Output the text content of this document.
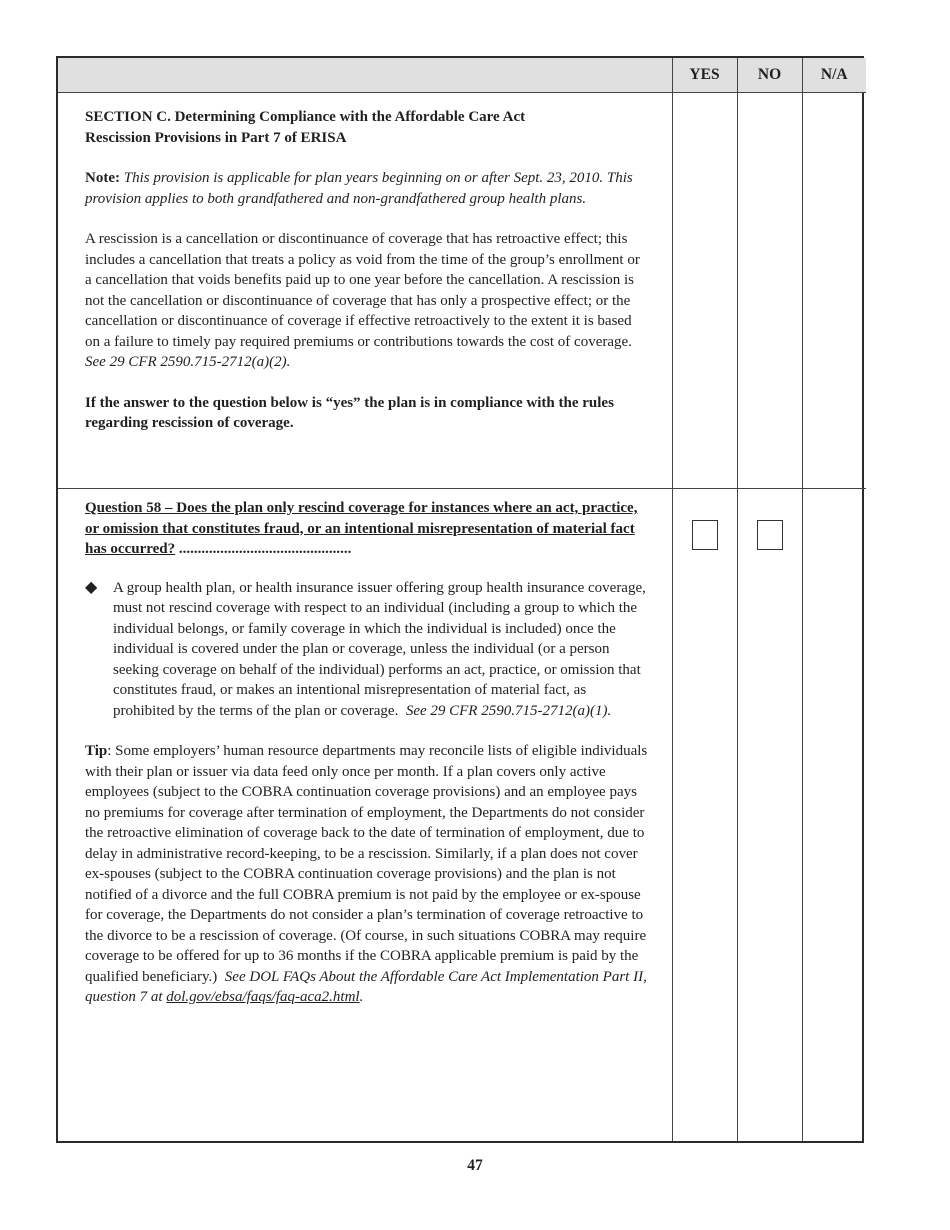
	YES	NO	N/A

SECTION C. Determining Compliance with the Affordable Care Act
Rescission Provisions in Part 7 of ERISA

Note: This provision is applicable for plan years beginning on or after Sept. 23, 2010. This provision applies to both grandfathered and non-grandfathered group health plans.

A rescission is a cancellation or discontinuance of coverage that has retroactive effect; this includes a cancellation that treats a policy as void from the time of the group’s enrollment or a cancellation that voids benefits paid up to one year before the cancellation. A rescission is not the cancellation or discontinuance of coverage that has only a prospective effect; or the cancellation or discontinuance of coverage if effective retroactively to the extent it is based on a failure to timely pay required premiums or contributions towards the cost of coverage.  See 29 CFR 2590.715-2712(a)(2).

If the answer to the question below is “yes” the plan is in compliance with the rules regarding rescission of coverage.			

Question 58 – Does the plan only rescind coverage for instances where an act, practice, or omission that constitutes fraud, or an intentional misrepresentation of material fact has occurred? ..............................................

◆ A group health plan, or health insurance issuer offering group health insurance coverage, must not rescind coverage with respect to an individual (including a group to which the individual belongs, or family coverage in which the individual is included) once the individual is covered under the plan or coverage, unless the individual (or a person seeking coverage on behalf of the individual) performs an act, practice, or omission that constitutes fraud, or makes an intentional misrepresentation of material fact, as prohibited by the terms of the plan or coverage. See 29 CFR 2590.715-2712(a)(1).

Tip: Some employers’ human resource departments may reconcile lists of eligible individuals with their plan or issuer via data feed only once per month. If a plan covers only active employees (subject to the COBRA continuation coverage provisions) and an employee pays no premiums for coverage after termination of employment, the Departments do not consider the retroactive elimination of coverage back to the date of termination of employment, due to delay in administrative record-keeping, to be a rescission. Similarly, if a plan does not cover ex-spouses (subject to the COBRA continuation coverage provisions) and the plan is not notified of a divorce and the full COBRA premium is not paid by the employee or ex-spouse for coverage, the Departments do not consider a plan’s termination of coverage retroactive to the divorce to be a rescission of coverage. (Of course, in such situations COBRA may require coverage to be offered for up to 36 months if the COBRA applicable premium is paid by the qualified beneficiary.) See DOL FAQs About the Affordable Care Act Implementation Part II, question 7 at dol.gov/ebsa/faqs/faq-aca2.html.			

47
